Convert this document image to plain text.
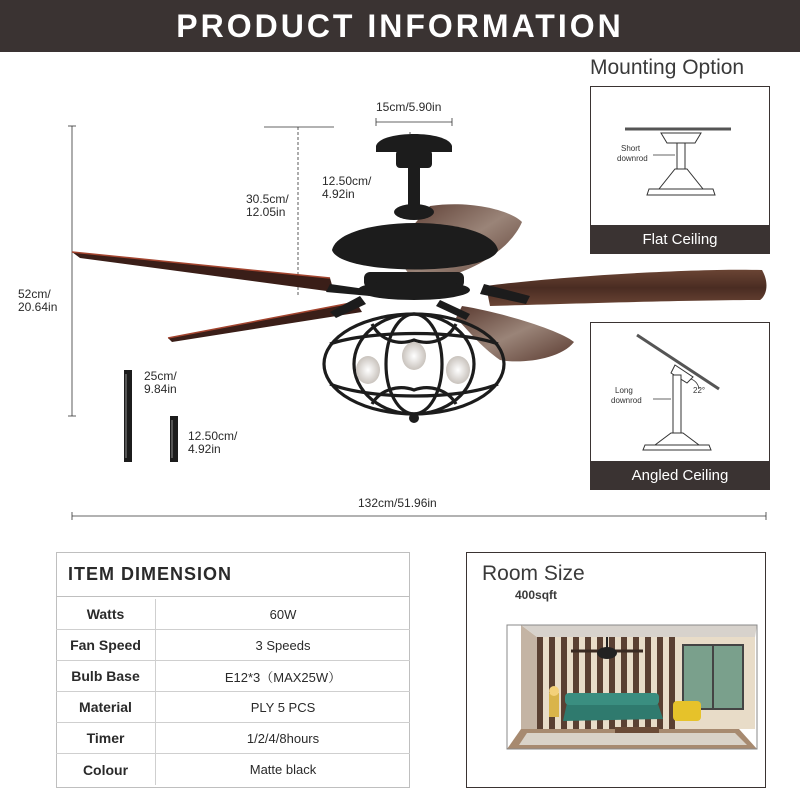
PRODUCT INFORMATION
15cm/5.90in
12.50cm/
4.92in
30.5cm/
12.05in
52cm/
20.64in
25cm/
9.84in
12.50cm/
4.92in
132cm/51.96in
Mounting Option
Short
downrod
Flat Ceiling
Long
downrod
22°
Angled Ceiling
ITEM DIMENSION
Watts	60W
Fan Speed	3 Speeds
Bulb Base	E12*3（MAX25W）
Material	PLY 5 PCS
Timer	1/2/4/8hours
Colour	Matte black
Room Size
400sqft
